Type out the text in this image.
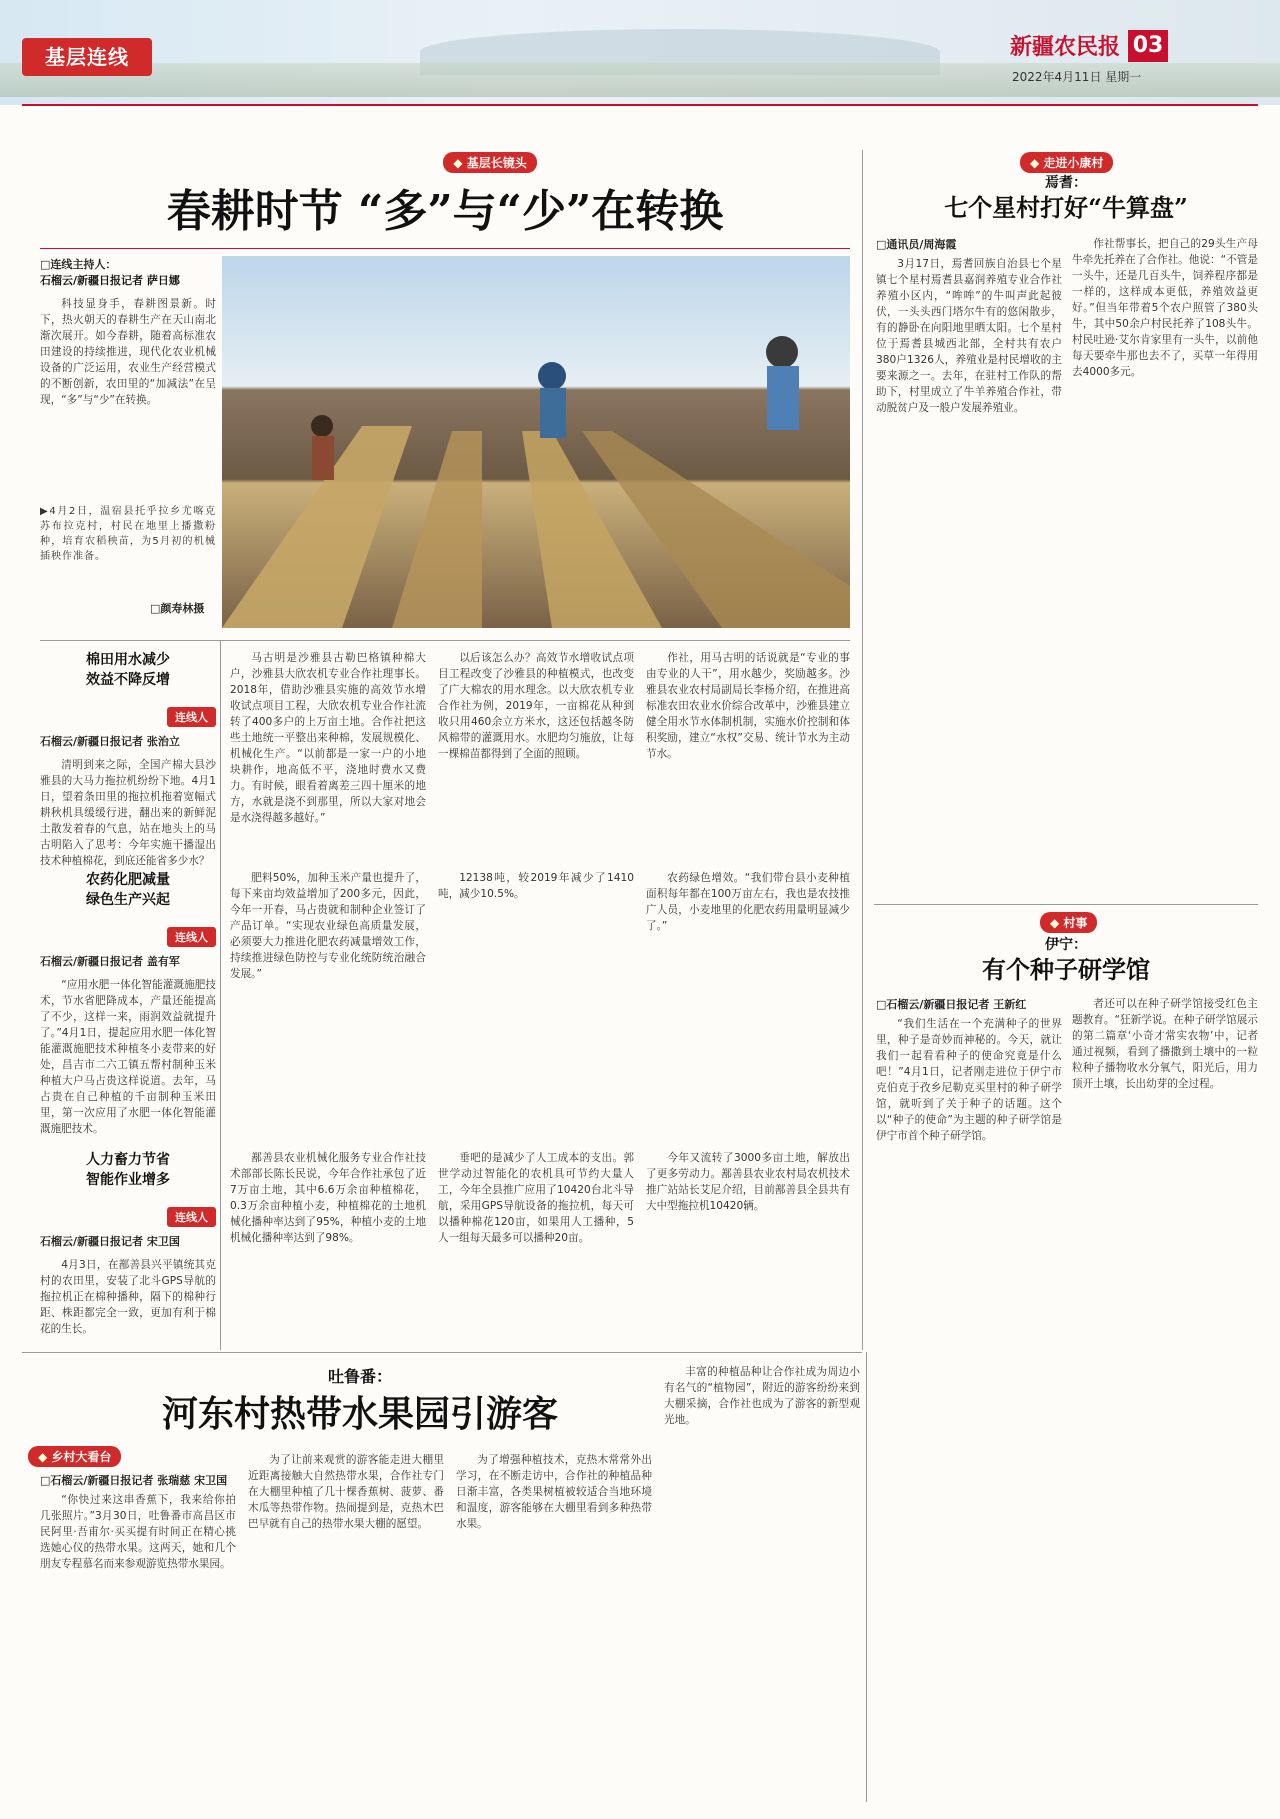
基层连线	新疆农民报 03
2022年4月11日 星期一
◆ 基层长镜头
春耕时节 “多”与“少”在转换
□连线主持人：
石榴云/新疆日报记者 萨日娜

科技显身手，春耕图景新。时下，热火朝天的春耕生产在天山南北渐次展开。如今春耕，随着高标准农田建设的持续推进，现代化农业机械设备的广泛运用，农业生产经营模式的不断创新，农田里的“加减法”在呈现，“多”与“少”在转换。

▶4月2日，温宿县托乎拉乡尤喀克苏布拉克村，村民在地里上播撒粉种，培育农稻秧苗，为5月初的机械插秧作准备。
□颜寿林摄
棉田用水减少
效益不降反增
连线人
石榴云/新疆日报记者 张治立

清明到来之际，全国产棉大县沙雅县的大马力拖拉机纷纷下地。4月1日，望着条田里的拖拉机拖着宽幅式耕秋机具缓缓行进，翻出来的新鲜泥土散发着春的气息，站在地头上的马古明陷入了思考：今年实施干播湿出技术种植棉花，到底还能省多少水？

农药化肥减量
绿色生产兴起
连线人
石榴云/新疆日报记者 盖有军

“应用水肥一体化智能灌溉施肥技术，节水省肥降成本，产量还能提高了不少，这样一来，雨润效益就提升了。”4月1日，提起应用水肥一体化智能灌溉施肥技术种植冬小麦带来的好处，昌吉市二六工镇五帮村制种玉米种植大户马占贵这样说道。去年，马占贵在自己种植的千亩制种玉米田里，第一次应用了水肥一体化智能灌溉施肥技术。

人力畜力节省
智能作业增多
连线人
石榴云/新疆日报记者 宋卫国

4月3日，在鄯善县兴平镇统其克村的农田里，安装了北斗GPS导航的拖拉机正在棉种播种，隔下的棉种行距、株距都完全一致，更加有利于棉花的生长。

马古明是沙雅县古勒巴格镇种棉大户，沙雅县大欣农机专业合作社理事长。2018年，借助沙雅县实施的高效节水增收试点项目工程，大欣农机专业合作社流转了400多户的上万亩土地。合作社把这些土地统一平整出来种棉，发展规模化、机械化生产。“以前都是一家一户的小地块耕作，地高低不平，浇地时费水又费力。有时候，眼看着离差三四十厘米的地方，水就是浇不到那里，所以大家对地会是水浇得越多越好。”

以后该怎么办？高效节水增收试点项目工程改变了沙雅县的种植模式，也改变了广大棉农的用水理念。以大欣农机专业合作社为例，2019年，一亩棉花从种到收只用460余立方米水，这还包括越冬防风棉带的灌溉用水。水肥均匀施放，让每一棵棉苗都得到了全面的照顾。

作社，用马古明的话说就是“专业的事由专业的人干”，用水越少，奖励越多。沙雅县农业农村局副局长李杨介绍，在推进高标准农田农业水价综合改革中，沙雅县建立健全用水节水体制机制，实施水价控制和体积奖励，建立“水权”交易、统计节水为主动节水。

肥料50%，加种玉米产量也提升了，每下来亩均效益增加了200多元，因此，今年一开春，马占贵就和制种企业签订了产品订单。“实现农业绿色高质量发展，必须要大力推进化肥农药减量增效工作，持续推进绿色防控与专业化统防统治融合发展。”

12138吨，较2019年减少了1410吨，减少10.5%。

农药绿色增效。“我们带台县小麦种植面积每年都在100万亩左右，我也是农技推广人员，小麦地里的化肥农药用量明显减少了。”

鄯善县农业机械化服务专业合作社技术部部长陈长民说，今年合作社承包了近7万亩土地，其中6.6万余亩种植棉花，0.3万余亩种植小麦，种植棉花的土地机械化播种率达到了95%，种植小麦的土地机械化播种率达到了98%。

垂吧的是减少了人工成本的支出。郭世学动过智能化的农机具可节约大量人工，今年全县推广应用了10420台北斗导航，采用GPS导航设备的拖拉机，每天可以播种棉花120亩，如果用人工播种，5人一组每天最多可以播种20亩。

今年又流转了3000多亩土地，解放出了更多劳动力。鄯善县农业农村局农机技术推广站站长艾尼介绍，目前鄯善县全县共有大中型拖拉机10420辆。

◆ 走进小康村
焉耆：
七个星村打好“牛算盘”
□通讯员/周海霞

3月17日，焉耆回族自治县七个星镇七个星村焉耆县嘉润养殖专业合作社养殖小区内，“哞哞”的牛叫声此起彼伏，一头头西门塔尔牛有的悠闲散步，有的静卧在向阳地里晒太阳。七个星村位于焉耆县城西北部，全村共有农户380户1326人，养殖业是村民增收的主要来源之一。去年，在驻村工作队的帮助下，村里成立了牛羊养殖合作社，带动脱贫户及一般户发展养殖业。

作社帮事长，把自己的29头生产母牛牵先托养在了合作社。他说：“不管是一头牛，还是几百头牛，饲养程序都是一样的，这样成本更低，养殖效益更好。”但当年带着5个农户照管了380头牛，其中50余户村民托养了108头牛。村民吐逊·艾尔肯家里有一头牛，以前他每天要牵牛那也去不了，买草一年得用去4000多元。

◆ 村事
伊宁：
有个种子研学馆
□石榴云/新疆日报记者 王新红

“我们生活在一个充满种子的世界里，种子是奇妙而神秘的。今天，就让我们一起看看种子的使命究竟是什么吧！”4月1日，记者刚走进位于伊宁市克伯克于孜乡尼勒克买里村的种子研学馆，就听到了关于种子的话题。这个以“种子的使命”为主题的种子研学馆是伊宁市首个种子研学馆。

者还可以在种子研学馆接受红色主题教育。“狂新学说。在种子研学馆展示的第二篇章‘小奇才常实农物’中，记者通过视频，看到了播撒到土壤中的一粒粒种子播物收水分氧气，阳光后，用力顶开土壤，长出幼芽的全过程。

吐鲁番：
河东村热带水果园引游客
◆ 乡村大看台
□石榴云/新疆日报记者 张瑞慈 宋卫国

“你快过来这串香蕉下，我来给你拍几张照片。”3月30日，吐鲁番市高昌区市民阿里·吾甫尔·买买提有时间正在精心挑选她心仪的热带水果。这两天，她和几个朋友专程慕名而来参观游览热带水果园。

为了让前来观赏的游客能走进大棚里近距离接触大自然热带水果，合作社专门在大棚里种植了几十棵香蕉树、菠萝、番木瓜等热带作物。热闹提到是，克热木巴巴早就有自己的热带水果大棚的愿望。

为了增强种植技术，克热木常常外出学习，在不断走访中，合作社的种植品种日渐丰富，各类果树植被较适合当地环境和温度，游客能够在大棚里看到多种热带水果。

丰富的种植品种让合作社成为周边小有名气的“植物园”，附近的游客纷纷来到大棚采摘，合作社也成为了游客的新型观光地。
